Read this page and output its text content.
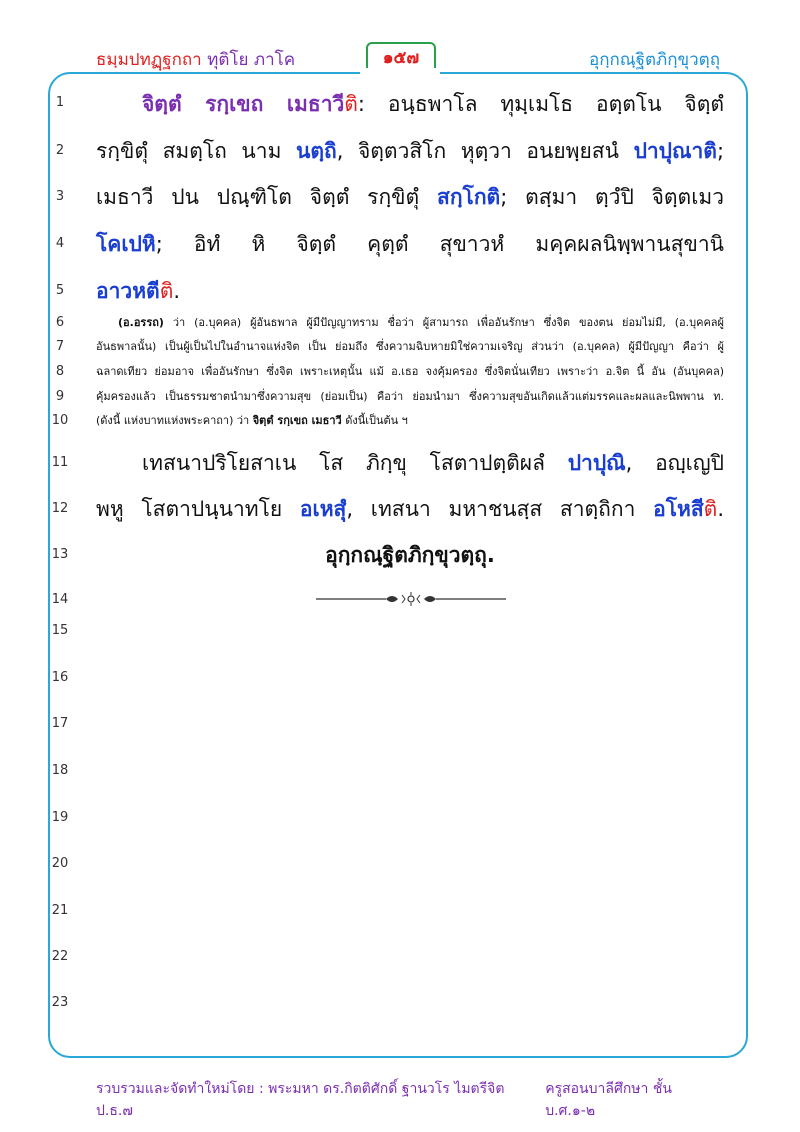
ธมฺมปทฏฺฐกถา ทุติโย ภาโค	๑๕๗	อุกฺกณฺฐิตภิกฺขุวตฺถุ
1
2
3
4
5
6
7
8
9
10
11
12
13
14
15
16
17
18
19
20
21
22
23
จิตฺตํ รกฺเขถ เมธาวีติ: อนฺธพาโล ทุมฺเมโธ อตฺตโน จิตฺตํ
รกฺขิตุํ สมตฺโถ นาม นตฺถิ, จิตฺตวสิโก หุตฺวา อนยพฺยสนํ ปาปุณาติ;
เมธาวี ปน ปณฺฑิโต จิตฺตํ รกฺขิตุํ สกฺโกติ; ตสฺมา ตฺวํปิ จิตฺตเมว
โคเปหิ; อิทํ หิ จิตฺตํ คุตฺตํ สุขาวหํ มคฺคผลนิพฺพานสุขานิ
อาวหตีติ.
(อ.อรรถ) ว่า (อ.บุคคล) ผู้อันธพาล ผู้มีปัญญาทราม ชื่อว่า ผู้สามารถ เพื่ออันรักษา ซึ่งจิต ของตน ย่อมไม่มี, (อ.บุคคลผู้
อันธพาลนั้น) เป็นผู้เป็นไปในอำนาจแห่งจิต เป็น ย่อมถึง ซึ่งความฉิบหายมิใช่ความเจริญ ส่วนว่า (อ.บุคคล) ผู้มีปัญญา คือว่า ผู้
ฉลาดเทียว ย่อมอาจ เพื่ออันรักษา ซึ่งจิต เพราะเหตุนั้น แม้ อ.เธอ จงคุ้มครอง ซึ่งจิตนั่นเทียว เพราะว่า อ.จิต นี้ อัน (อันบุคคล)
คุ้มครองแล้ว เป็นธรรมชาตนำมาซึ่งความสุข (ย่อมเป็น) คือว่า ย่อมนำมา ซึ่งความสุขอันเกิดแล้วแต่มรรคและผลและนิพพาน ท.
(ดังนี้ แห่งบาทแห่งพระคาถา) ว่า จิตฺตํ รกฺเขถ เมธาวี ดังนี้เป็นต้น ฯ
เทสนาปริโยสาเน โส ภิกฺขุ โสตาปตฺติผลํ ปาปุณิ, อญฺเญปิ
พหู โสตาปนฺนาทโย อเหสุํ, เทสนา มหาชนสฺส สาตฺถิกา อโหสีติ.
อุกฺกณฺฐิตภิกฺขุวตฺถุ.
รวบรวมและจัดทำใหม่โดย : พระมหา ดร.กิตติศักดิ์ ฐานวโร ไมตรีจิต ป.ธ.๗
ครูสอนบาลีศึกษา ชั้น บ.ศ.๑-๒
